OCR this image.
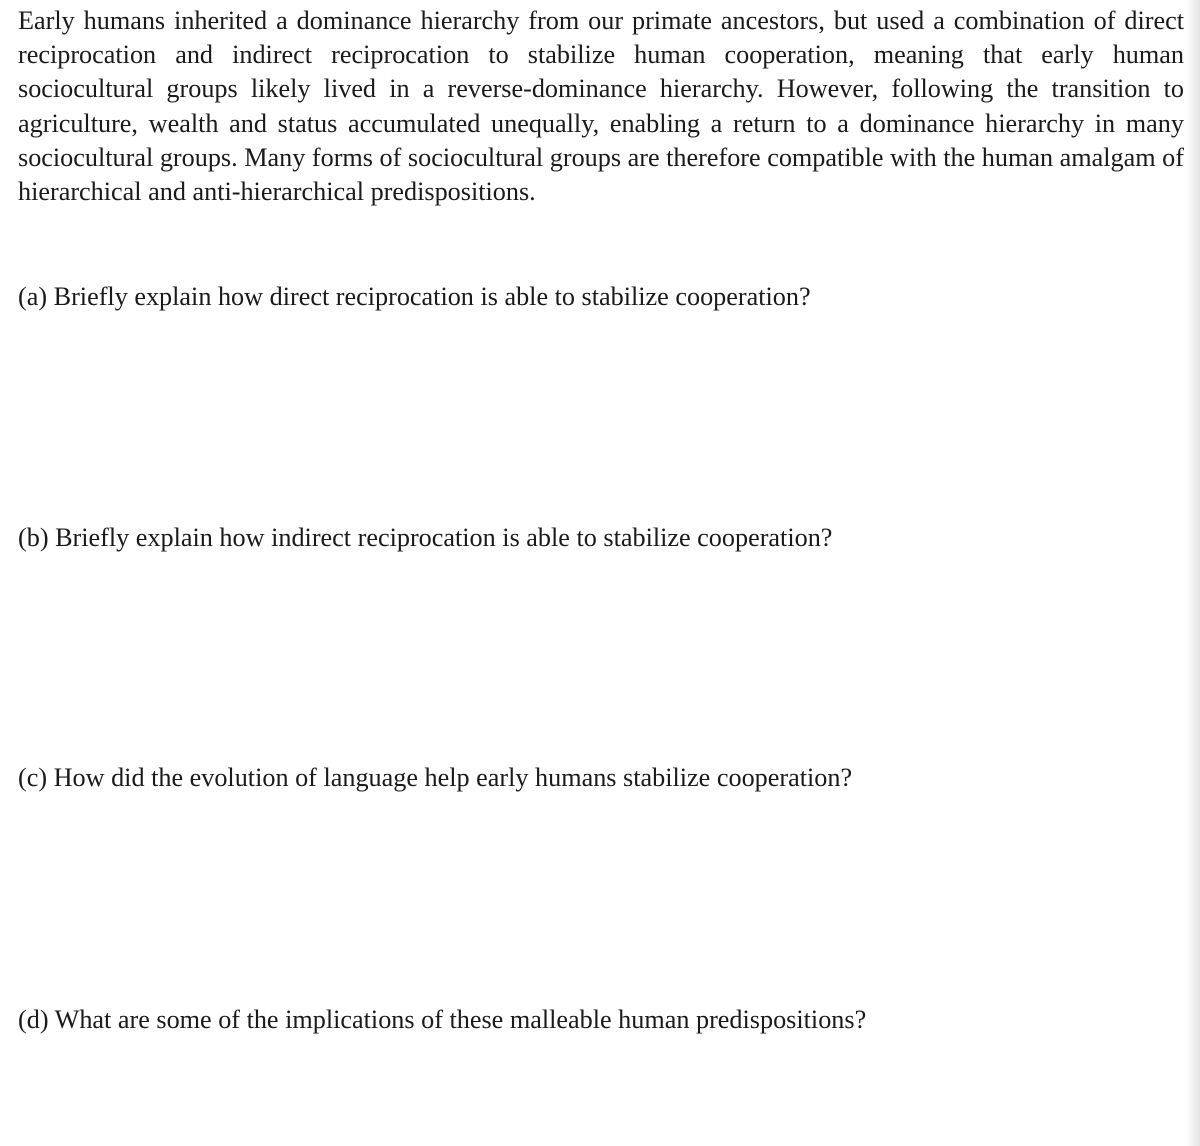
Early humans inherited a dominance hierarchy from our primate ancestors, but used a combination of direct reciprocation and indirect reciprocation to stabilize human cooperation, meaning that early human sociocultural groups likely lived in a reverse-dominance hierarchy. However, following the transition to agriculture, wealth and status accumulated unequally, enabling a return to a dominance hierarchy in many sociocultural groups. Many forms of sociocultural groups are therefore compatible with the human amalgam of hierarchical and anti-hierarchical predispositions.

(a) Briefly explain how direct reciprocation is able to stabilize cooperation?

(b) Briefly explain how indirect reciprocation is able to stabilize cooperation?

(c) How did the evolution of language help early humans stabilize cooperation?

(d) What are some of the implications of these malleable human predispositions?
